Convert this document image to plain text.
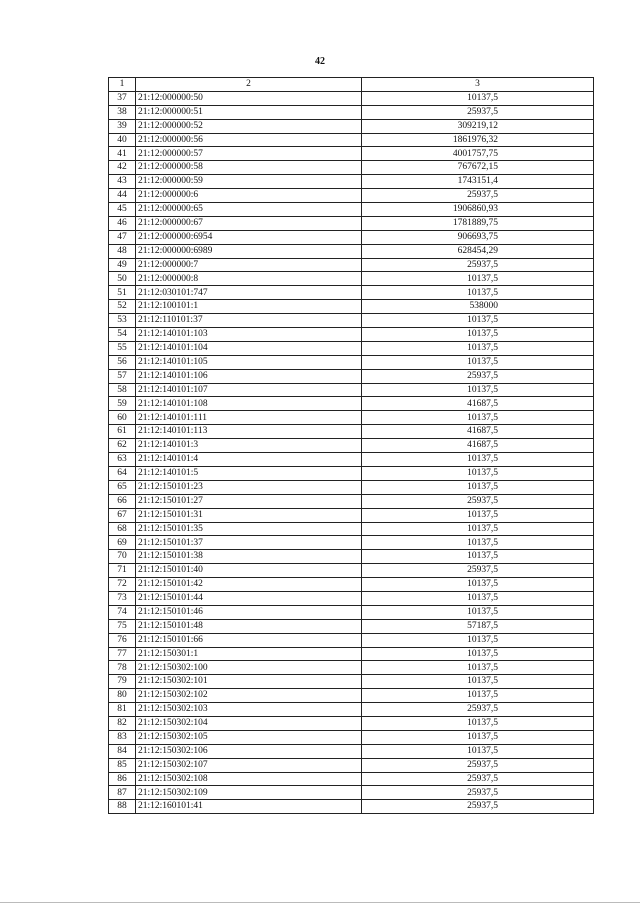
42
1	2	3
37	21:12:000000:50	10137,5
38	21:12:000000:51	25937,5
39	21:12:000000:52	309219,12
40	21:12:000000:56	1861976,32
41	21:12:000000:57	4001757,75
42	21:12:000000:58	767672,15
43	21:12:000000:59	1743151,4
44	21:12:000000:6	25937,5
45	21:12:000000:65	1906860,93
46	21:12:000000:67	1781889,75
47	21:12:000000:6954	906693,75
48	21:12:000000:6989	628454,29
49	21:12:000000:7	25937,5
50	21:12:000000:8	10137,5
51	21:12:030101:747	10137,5
52	21:12:100101:1	538000
53	21:12:110101:37	10137,5
54	21:12:140101:103	10137,5
55	21:12:140101:104	10137,5
56	21:12:140101:105	10137,5
57	21:12:140101:106	25937,5
58	21:12:140101:107	10137,5
59	21:12:140101:108	41687,5
60	21:12:140101:111	10137,5
61	21:12:140101:113	41687,5
62	21:12:140101:3	41687,5
63	21:12:140101:4	10137,5
64	21:12:140101:5	10137,5
65	21:12:150101:23	10137,5
66	21:12:150101:27	25937,5
67	21:12:150101:31	10137,5
68	21:12:150101:35	10137,5
69	21:12:150101:37	10137,5
70	21:12:150101:38	10137,5
71	21:12:150101:40	25937,5
72	21:12:150101:42	10137,5
73	21:12:150101:44	10137,5
74	21:12:150101:46	10137,5
75	21:12:150101:48	57187,5
76	21:12:150101:66	10137,5
77	21:12:150301:1	10137,5
78	21:12:150302:100	10137,5
79	21:12:150302:101	10137,5
80	21:12:150302:102	10137,5
81	21:12:150302:103	25937,5
82	21:12:150302:104	10137,5
83	21:12:150302:105	10137,5
84	21:12:150302:106	10137,5
85	21:12:150302:107	25937,5
86	21:12:150302:108	25937,5
87	21:12:150302:109	25937,5
88	21:12:160101:41	25937,5
